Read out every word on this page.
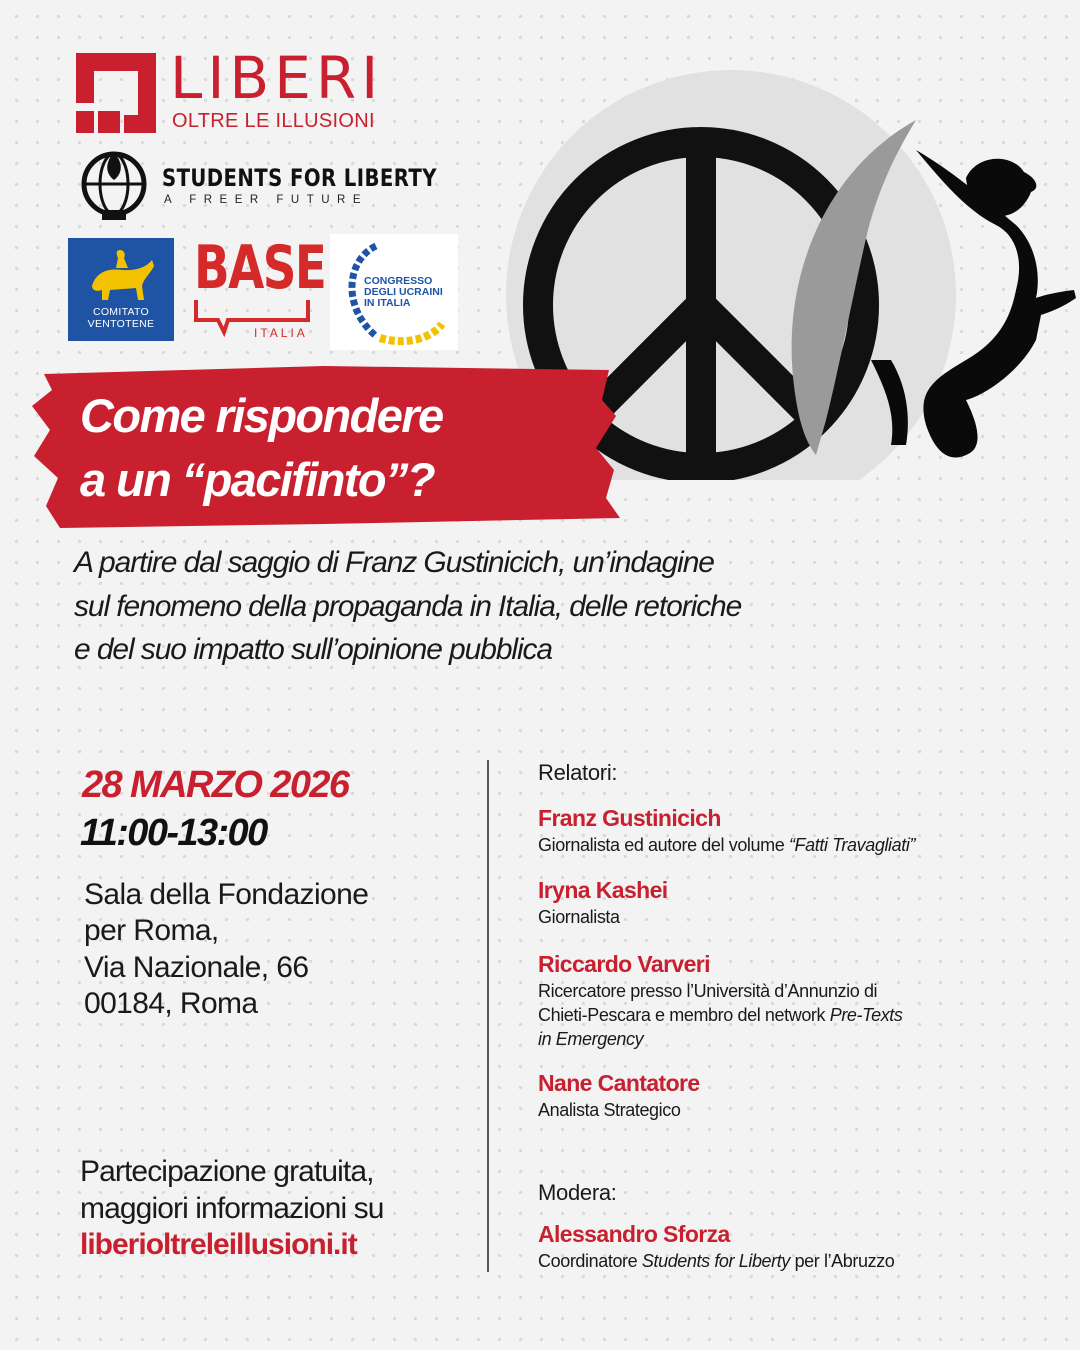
LIBERI
OLTRE LE ILLUSIONI
STUDENTS FOR LIBERTY
A FREER FUTURE
COMITATO
VENTOTENE
BASE
ITALIA
CONGRESSO
DEGLI UCRAINI
IN ITALIA
Come rispondere
a un “pacifinto”?
A partire dal saggio di Franz Gustinicich, un’indagine
sul fenomeno della propaganda in Italia, delle retoriche
e del suo impatto sull’opinione pubblica
28 MARZO 2026
11:00-13:00
Sala della Fondazione
per Roma,
Via Nazionale, 66
00184, Roma
Partecipazione gratuita,
maggiori informazioni su
liberioltreleillusioni.it
Relatori:
Franz Gustinicich
Giornalista ed autore del volume “Fatti Travagliati”
Iryna Kashei
Giornalista
Riccardo Varveri
Ricercatore presso l’Università d’Annunzio di
Chieti-Pescara e membro del network Pre-Texts
in Emergency
Nane Cantatore
Analista Strategico
Modera:
Alessandro Sforza
Coordinatore Students for Liberty per l’Abruzzo
